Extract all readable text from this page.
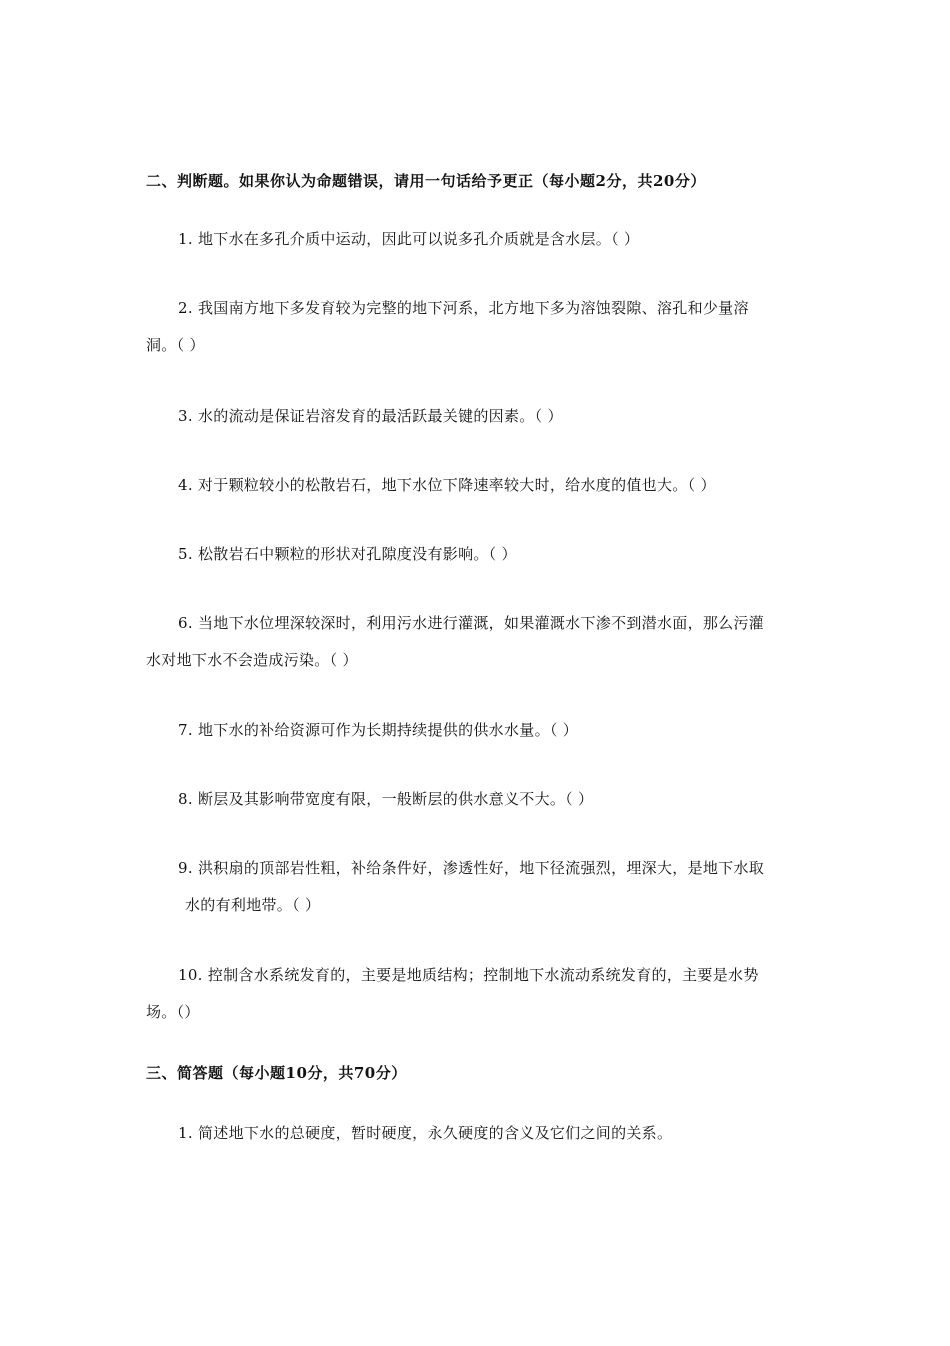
二、判断题。如果你认为命题错误，请用一句话给予更正（每小题2分，共20分）
1. 地下水在多孔介质中运动，因此可以说多孔介质就是含水层。（ ）
2. 我国南方地下多发育较为完整的地下河系，北方地下多为溶蚀裂隙、溶孔和少量溶
洞。（ ）
3. 水的流动是保证岩溶发育的最活跃最关键的因素。（ ）
4. 对于颗粒较小的松散岩石，地下水位下降速率较大时，给水度的值也大。（ ）
5. 松散岩石中颗粒的形状对孔隙度没有影响。（ ）
6. 当地下水位埋深较深时，利用污水进行灌溉，如果灌溉水下渗不到潜水面，那么污灌
水对地下水不会造成污染。（ ）
7. 地下水的补给资源可作为长期持续提供的供水水量。（ ）
8. 断层及其影响带宽度有限，一般断层的供水意义不大。（ ）
9. 洪积扇的顶部岩性粗，补给条件好，渗透性好，地下径流强烈，埋深大，是地下水取
水的有利地带。（ ）
10. 控制含水系统发育的，主要是地质结构；控制地下水流动系统发育的，主要是水势
场。（）
三、简答题（每小题10分，共70分）
1. 简述地下水的总硬度，暂时硬度，永久硬度的含义及它们之间的关系。
